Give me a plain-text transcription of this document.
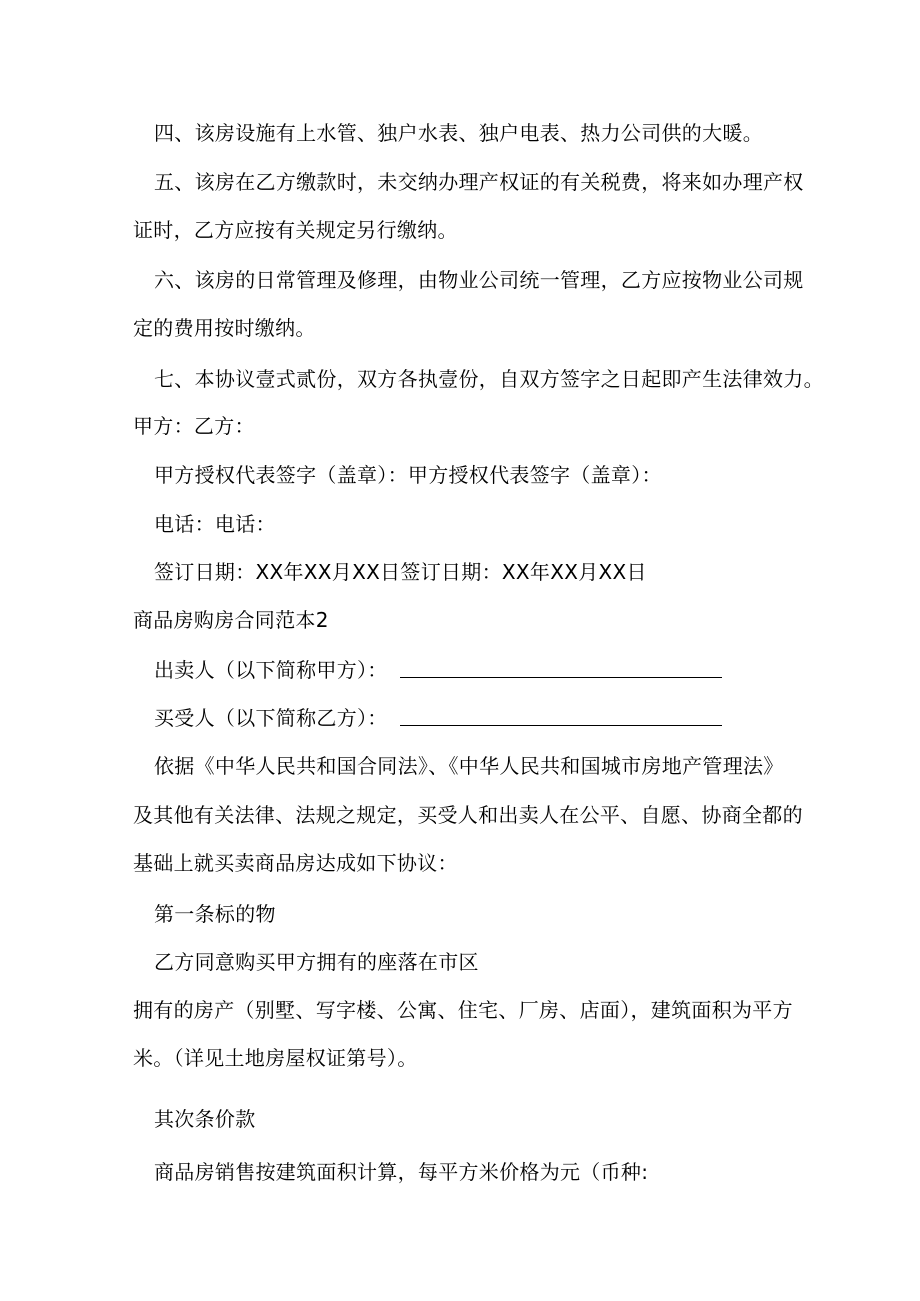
四、该房设施有上水管、独户水表、独户电表、热力公司供的大暖。
五、该房在乙方缴款时，未交纳办理产权证的有关税费，将来如办理产权
证时，乙方应按有关规定另行缴纳。
六、该房的日常管理及修理，由物业公司统一管理，乙方应按物业公司规
定的费用按时缴纳。
七、本协议壹式贰份，双方各执壹份，自双方签字之日起即产生法律效力。
甲方：乙方：
甲方授权代表签字（盖章）：甲方授权代表签字（盖章）：
电话：电话：
签订日期：XX年XX月XX日签订日期：XX年XX月XX日
商品房购房合同范本2
出卖人（以下简称甲方）：
买受人（以下简称乙方）：
依据《中华人民共和国合同法》、《中华人民共和国城市房地产管理法》
及其他有关法律、法规之规定，买受人和出卖人在公平、自愿、协商全都的
基础上就买卖商品房达成如下协议：
第一条标的物
乙方同意购买甲方拥有的座落在市区
拥有的房产（别墅、写字楼、公寓、住宅、厂房、店面），建筑面积为平方
米。（详见土地房屋权证第号）。
其次条价款
商品房销售按建筑面积计算，每平方米价格为元（币种:
